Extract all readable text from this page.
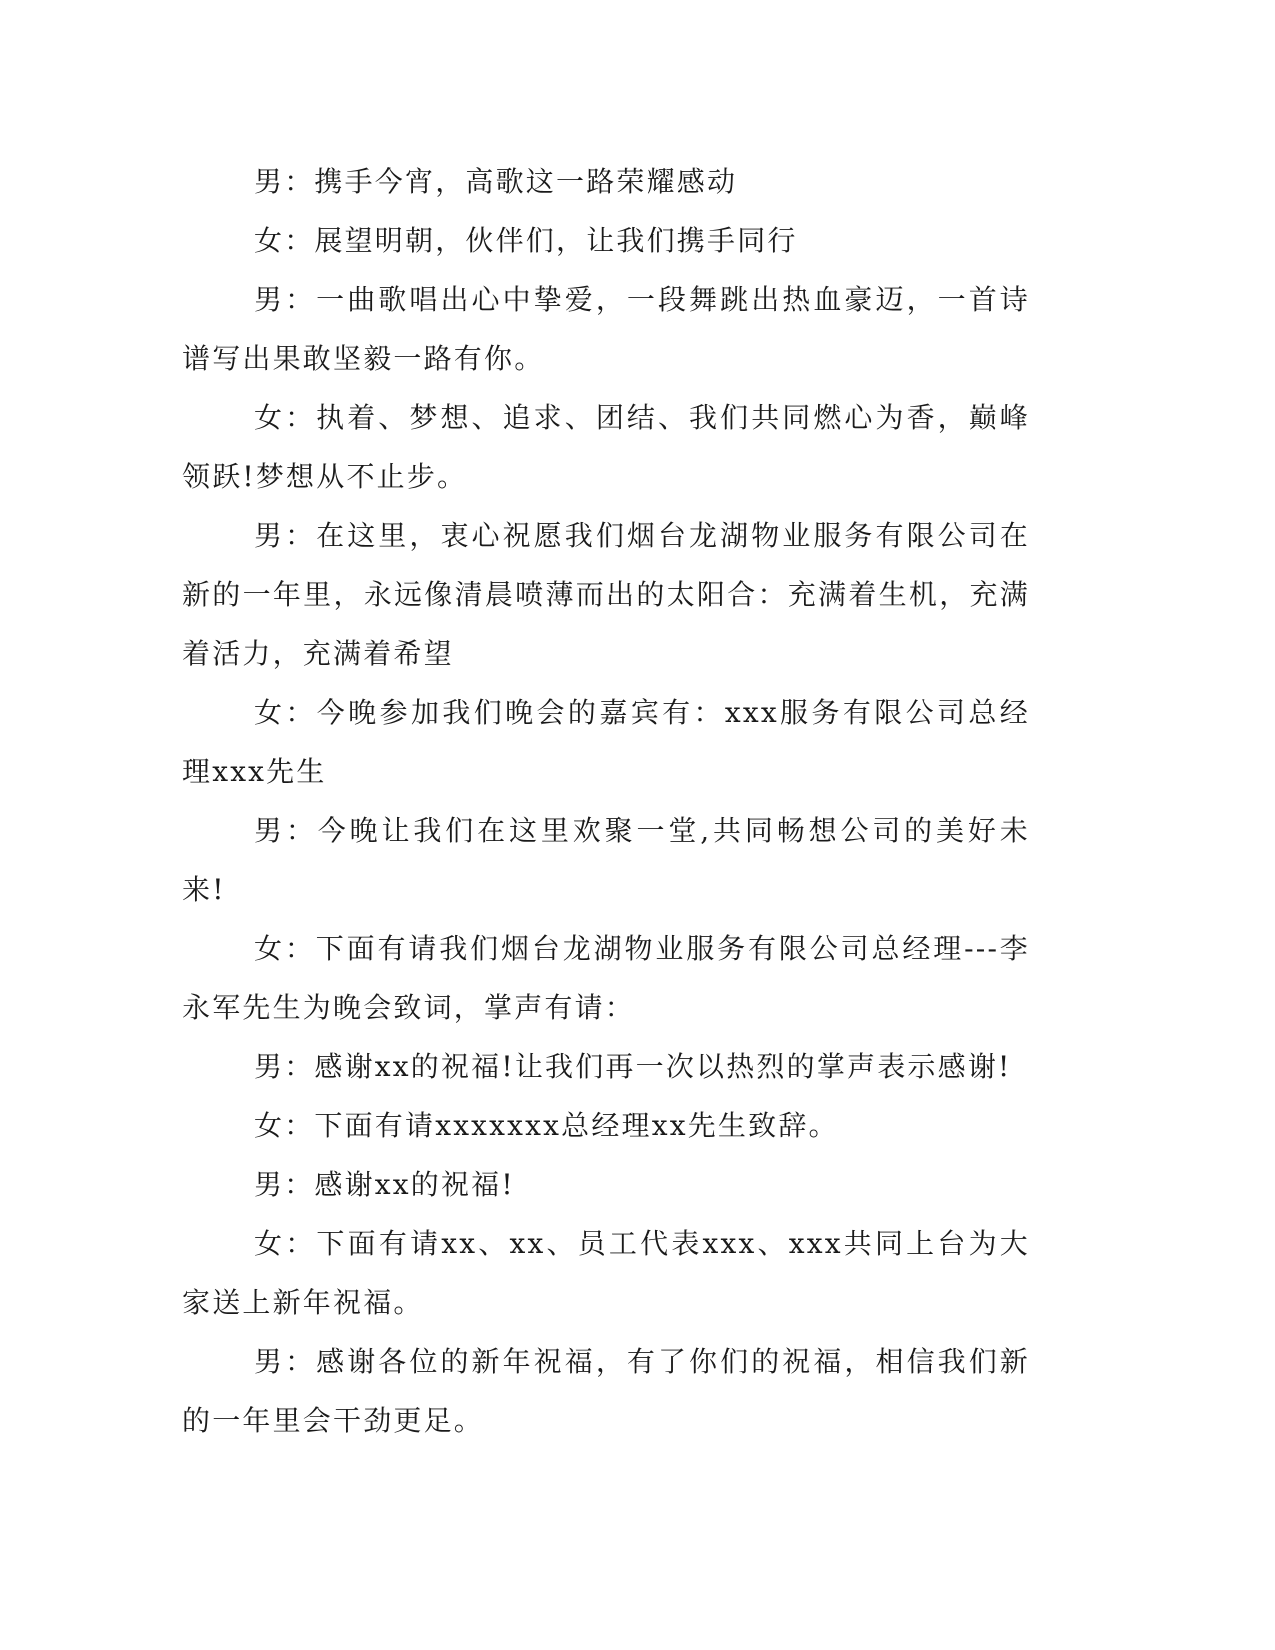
男：携手今宵，高歌这一路荣耀感动

女：展望明朝，伙伴们，让我们携手同行

男：一曲歌唱出心中挚爱，一段舞跳出热血豪迈，一首诗谱写出果敢坚毅一路有你。

女：执着、梦想、追求、团结、我们共同燃心为香，巅峰领跃!梦想从不止步。

男：在这里，衷心祝愿我们烟台龙湖物业服务有限公司在新的一年里，永远像清晨喷薄而出的太阳合：充满着生机，充满着活力，充满着希望

女：今晚参加我们晚会的嘉宾有：xxx服务有限公司总经理xxx先生

男：今晚让我们在这里欢聚一堂,共同畅想公司的美好未来!

女：下面有请我们烟台龙湖物业服务有限公司总经理---李永军先生为晚会致词，掌声有请：

男：感谢xx的祝福!让我们再一次以热烈的掌声表示感谢!

女：下面有请xxxxxxx总经理xx先生致辞。

男：感谢xx的祝福!

女：下面有请xx、xx、员工代表xxx、xxx共同上台为大家送上新年祝福。

男：感谢各位的新年祝福，有了你们的祝福，相信我们新的一年里会干劲更足。
